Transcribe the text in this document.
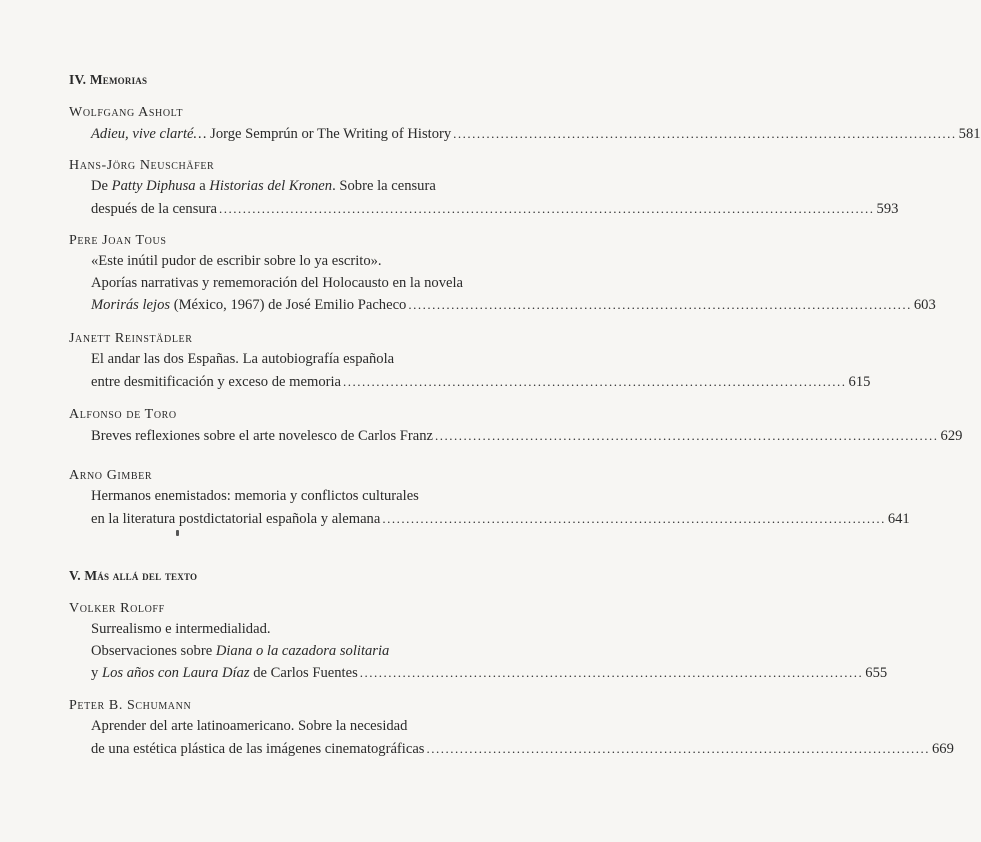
IV. Memorias
Wolfgang Asholt
Adieu, vive clarté… Jorge Semprún or The Writing of History .......................................................................................................... 581
Hans-Jörg Neuschäfer
De Patty Diphusa a Historias del Kronen. Sobre la censura
después de la censura .......................................................................................................................................... 593
Pere Joan Tous
«Este inútil pudor de escribir sobre lo ya escrito».
Aporías narrativas y rememoración del Holocausto en la novela
Morirás lejos (México, 1967) de José Emilio Pacheco .......................................................................................................... 603
Janett Reinstädler
El andar las dos Españas. La autobiografía española
entre desmitificación y exceso de memoria .......................................................................................................... 615
Alfonso de Toro
Breves reflexiones sobre el arte novelesco de Carlos Franz .......................................................................................................... 629
Arno Gimber
Hermanos enemistados: memoria y conflictos culturales
en la literatura postdictatorial española y alemana .......................................................................................................... 641
V. Más allá del texto
Volker Roloff
Surrealismo e intermedialidad.
Observaciones sobre Diana o la cazadora solitaria
y Los años con Laura Díaz de Carlos Fuentes .......................................................................................................... 655
Peter B. Schumann
Aprender del arte latinoamericano. Sobre la necesidad
de una estética plástica de las imágenes cinematográficas .......................................................................................................... 669
